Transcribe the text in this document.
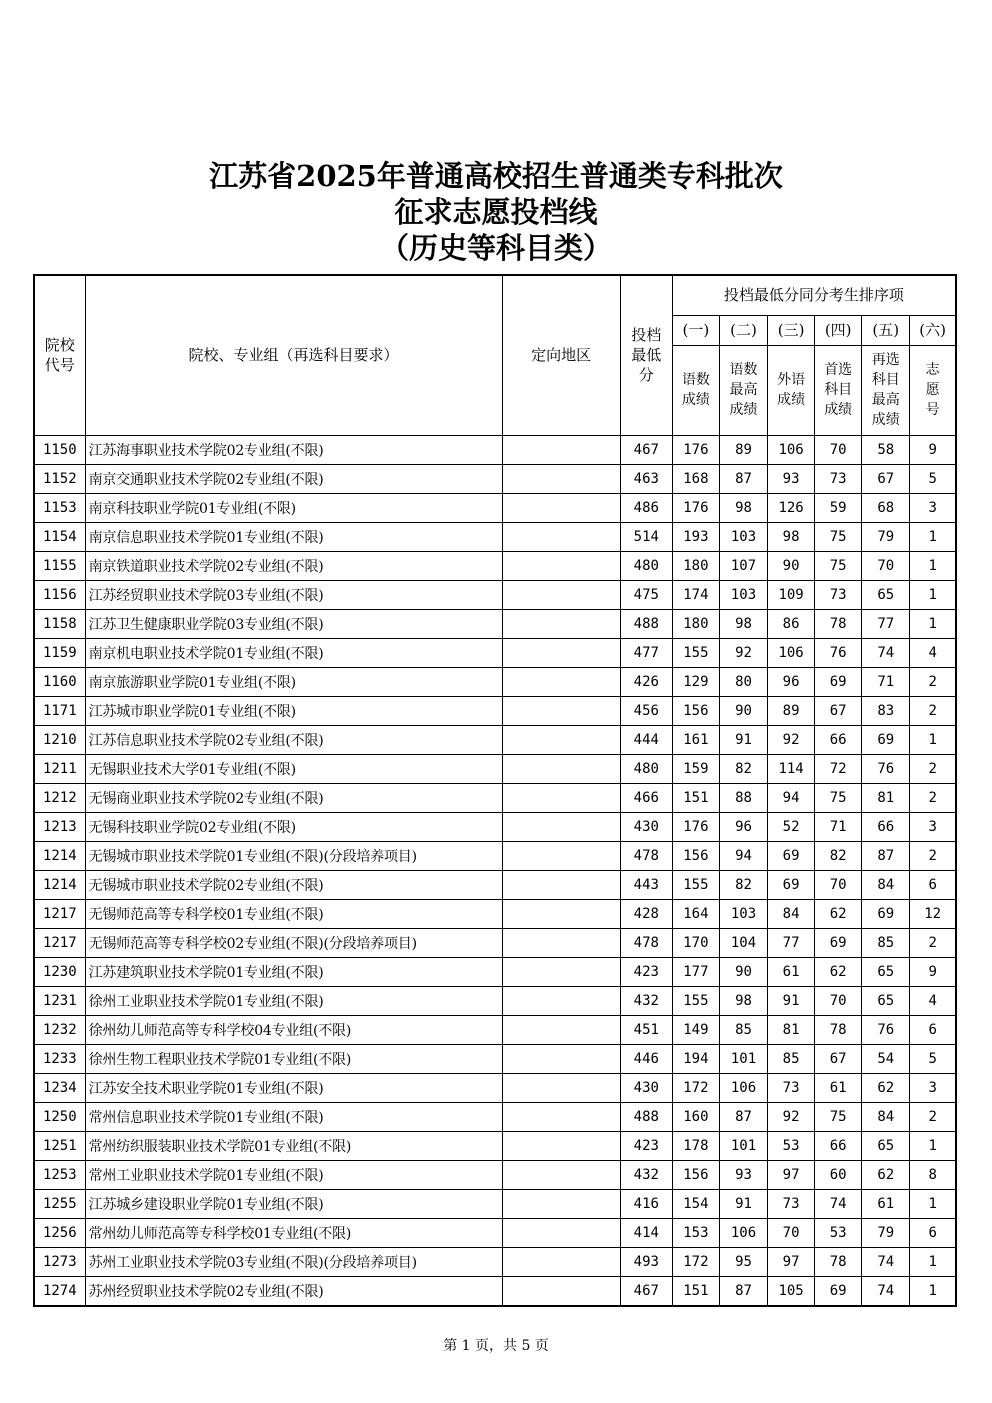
江苏省2025年普通高校招生普通类专科批次
征求志愿投档线
（历史等科目类）
院校代号	院校、专业组（再选科目要求）	定向地区	投档最低分	投档最低分同分考生排序项					
				(一)	(二)	(三)	(四)	(五)	(六)

				语数成绩	语数最高成绩	外语成绩	首选科目成绩	再选科目最高成绩	志愿号

1150	江苏海事职业技术学院02专业组(不限)		467	176	89	106	70	58	9
1152	南京交通职业技术学院02专业组(不限)		463	168	87	93	73	67	5
1153	南京科技职业学院01专业组(不限)		486	176	98	126	59	68	3
1154	南京信息职业技术学院01专业组(不限)		514	193	103	98	75	79	1
1155	南京铁道职业技术学院02专业组(不限)		480	180	107	90	75	70	1
1156	江苏经贸职业技术学院03专业组(不限)		475	174	103	109	73	65	1
1158	江苏卫生健康职业学院03专业组(不限)		488	180	98	86	78	77	1
1159	南京机电职业技术学院01专业组(不限)		477	155	92	106	76	74	4
1160	南京旅游职业学院01专业组(不限)		426	129	80	96	69	71	2
1171	江苏城市职业学院01专业组(不限)		456	156	90	89	67	83	2
1210	江苏信息职业技术学院02专业组(不限)		444	161	91	92	66	69	1
1211	无锡职业技术大学01专业组(不限)		480	159	82	114	72	76	2
1212	无锡商业职业技术学院02专业组(不限)		466	151	88	94	75	81	2
1213	无锡科技职业学院02专业组(不限)		430	176	96	52	71	66	3
1214	无锡城市职业技术学院01专业组(不限)(分段培养项目)		478	156	94	69	82	87	2
1214	无锡城市职业技术学院02专业组(不限)		443	155	82	69	70	84	6
1217	无锡师范高等专科学校01专业组(不限)		428	164	103	84	62	69	12
1217	无锡师范高等专科学校02专业组(不限)(分段培养项目)		478	170	104	77	69	85	2
1230	江苏建筑职业技术学院01专业组(不限)		423	177	90	61	62	65	9
1231	徐州工业职业技术学院01专业组(不限)		432	155	98	91	70	65	4
1232	徐州幼儿师范高等专科学校04专业组(不限)		451	149	85	81	78	76	6
1233	徐州生物工程职业技术学院01专业组(不限)		446	194	101	85	67	54	5
1234	江苏安全技术职业学院01专业组(不限)		430	172	106	73	61	62	3
1250	常州信息职业技术学院01专业组(不限)		488	160	87	92	75	84	2
1251	常州纺织服装职业技术学院01专业组(不限)		423	178	101	53	66	65	1
1253	常州工业职业技术学院01专业组(不限)		432	156	93	97	60	62	8
1255	江苏城乡建设职业学院01专业组(不限)		416	154	91	73	74	61	1
1256	常州幼儿师范高等专科学校01专业组(不限)		414	153	106	70	53	79	6
1273	苏州工业职业技术学院03专业组(不限)(分段培养项目)		493	172	95	97	78	74	1
1274	苏州经贸职业技术学院02专业组(不限)		467	151	87	105	69	74	1
第 1 页，共 5 页
